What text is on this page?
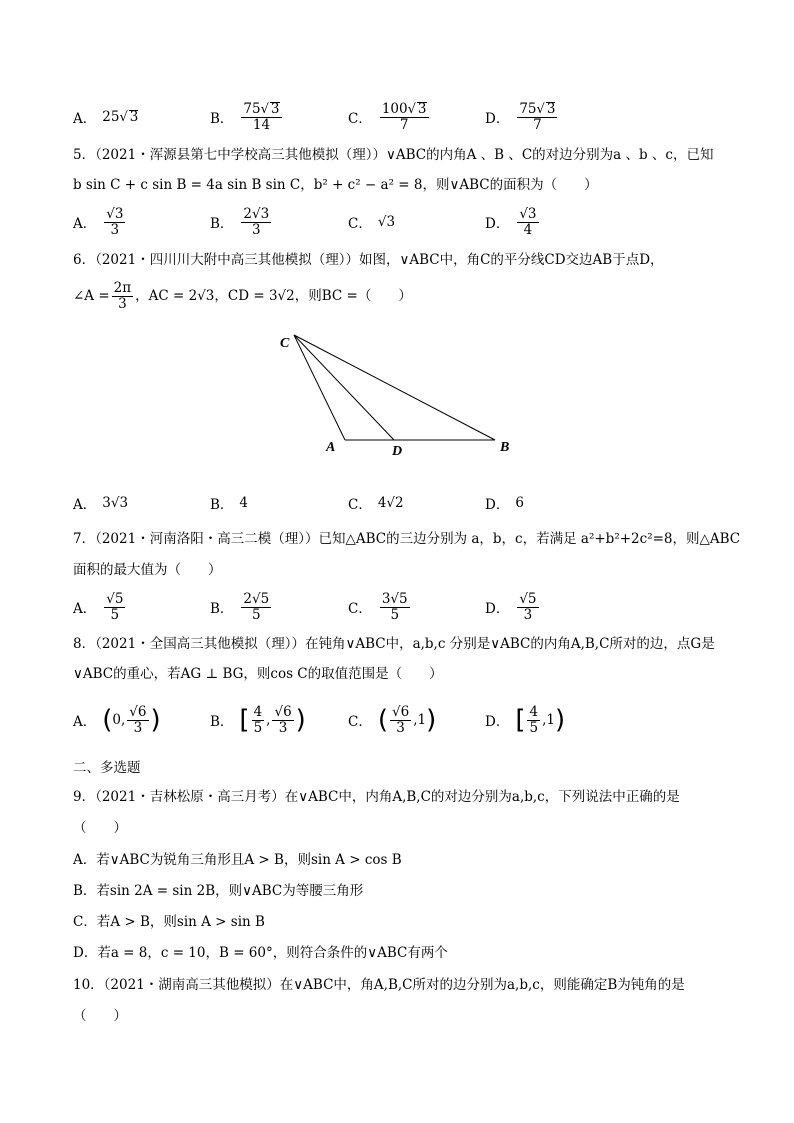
A． 25 √ 3	B． $\frac{75√ 3}{14}$	C． $\frac{100√ 3}{7}$	D． $\frac{75√ 3}{7}$
5．（2021・浑源县第七中学校高三其他模拟（理））∨ABC的内角A 、B 、C的对边分别为a 、b 、c，已知
b sin C + c sin B = 4a sin B sin C，b² + c² − a² = 8，则∨ABC的面积为（　　）
A． $\frac{√3}{3}$	B． $\frac{2√3}{3}$	C． √3	D． $\frac{√3}{4}$
6．（2021・四川川大附中高三其他模拟（理））如图，∨ABC中，角C的平分线CD交边AB于点D，
∠A = $\frac{2\pi}{3}$ ，AC = 2√3，CD = 3√2，则BC =（　　）
C
A	D	B
A． 3√3	B． 4	C． 4√2	D． 6
7．（2021・河南洛阳・高三二模（理））已知△ABC的三边分别为 a，b，c，若满足 a²+b²+2c²=8，则△ABC
面积的最大值为（　　）
A． $\frac{√5}{5}$	B． $\frac{2√5}{5}$	C． $\frac{3√5}{5}$	D． $\frac{√5}{3}$
8．（2021・全国高三其他模拟（理））在钝角∨ABC中，a,b,c 分别是∨ABC的内角A,B,C所对的边，点G是
∨ABC的重心，若AG ⊥ BG，则cos C的取值范围是（　　）
A． ( 0, $\frac{√6}{3}$ )	B． [ $\frac{4}{5}$ , $\frac{√6}{3}$ )	C． ( $\frac{√6}{3} ,1$ )	D． [ $\frac{4}{5} ,1$ )
二、多选题
9．（2021・吉林松原・高三月考）在∨ABC中，内角A,B,C的对边分别为a,b,c，下列说法中正确的是
（　　）
A．若∨ABC为锐角三角形且A > B，则sin A > cos B
B．若sin 2A = sin 2B，则∨ABC为等腰三角形
C．若A > B，则sin A > sin B
D．若a = 8，c = 10，B = 60°，则符合条件的∨ABC有两个
10．（2021・湖南高三其他模拟）在∨ABC中，角A,B,C所对的边分别为a,b,c，则能确定B为钝角的是
（　　）
